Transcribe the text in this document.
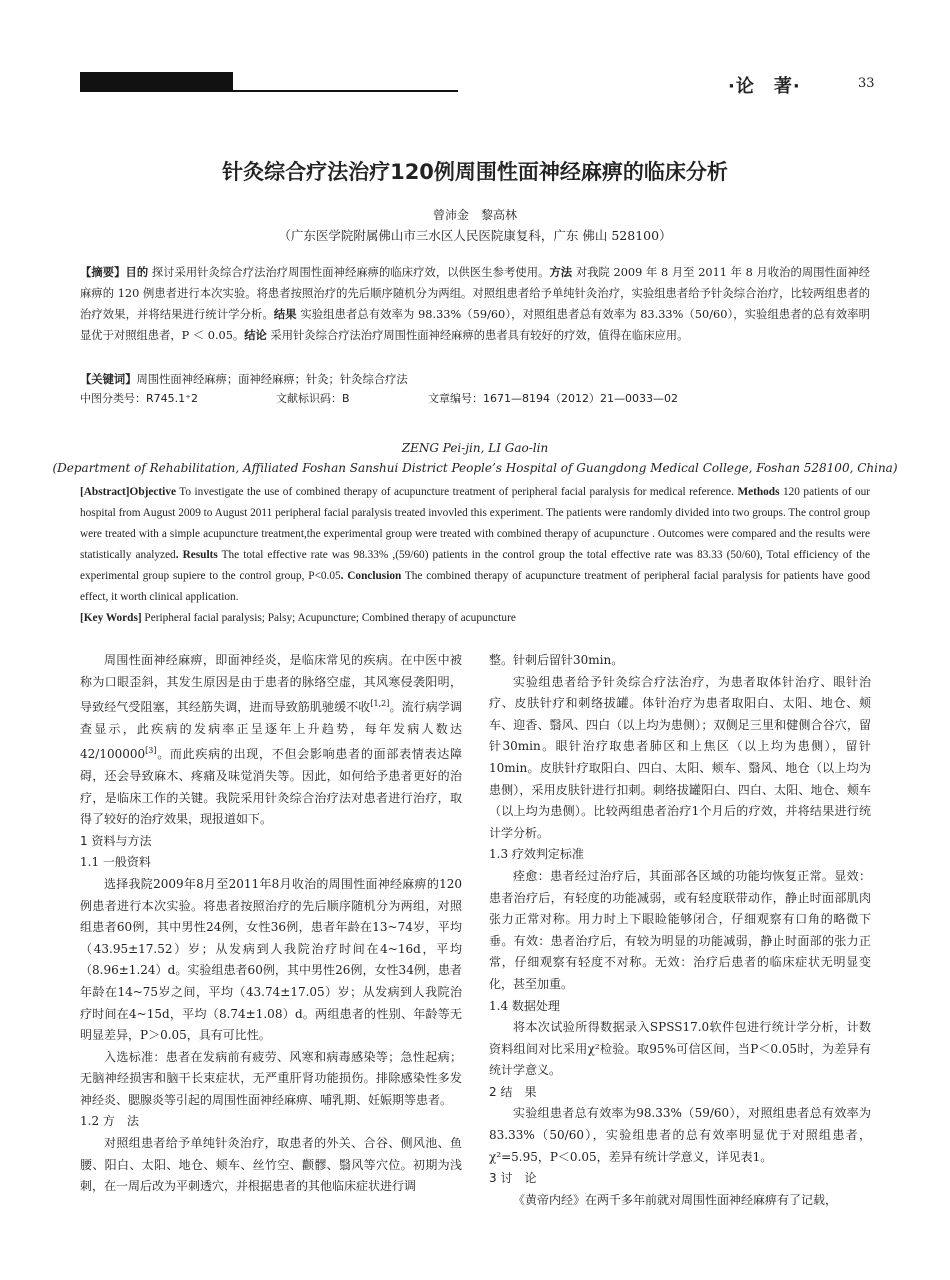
·论　著·	33
针灸综合疗法治疗120例周围性面神经麻痹的临床分析
曾沛金　黎高林
（广东医学院附属佛山市三水区人民医院康复科，广东 佛山 528100）
【摘要】目的 探讨采用针灸综合疗法治疗周围性面神经麻痹的临床疗效，以供医生参考使用。方法 对我院 2009 年 8 月至 2011 年 8 月收治的周围性面神经麻痹的 120 例患者进行本次实验。将患者按照治疗的先后顺序随机分为两组。对照组患者给予单纯针灸治疗，实验组患者给予针灸综合治疗，比较两组患者的治疗效果，并将结果进行统计学分析。结果 实验组患者总有效率为 98.33%（59/60），对照组患者总有效率为 83.33%（50/60），实验组患者的总有效率明显优于对照组患者，P ＜ 0.05。结论 采用针灸综合疗法治疗周围性面神经麻痹的患者具有较好的疗效，值得在临床应用。
【关键词】周围性面神经麻痹；面神经麻痹；针灸；针灸综合疗法
中图分类号：R745.1⁺2	文献标识码：B	文章编号：1671—8194（2012）21—0033—02
ZENG Pei-jin, LI Gao-lin
(Department of Rehabilitation, Affiliated Foshan Sanshui District People’s Hospital of Guangdong Medical College, Foshan 528100, China)
[Abstract]Objective To investigate the use of combined therapy of acupuncture treatment of peripheral facial paralysis for medical reference. Methods 120 patients of our hospital from August 2009 to August 2011 peripheral facial paralysis treated invovled this experiment. The patients were randomly divided into two groups. The control group were treated with a simple acupuncture treatment,the experimental group were treated with combined therapy of acupuncture . Outcomes were compared and the results were statistically analyzed. Results The total effective rate was 98.33% ,(59/60) patients in the control group the total effective rate was 83.33 (50/60), Total efficiency of the experimental group supiere to the control group, P<0.05. Conclusion The combined therapy of acupuncture treatment of peripheral facial paralysis for patients have good effect, it worth clinical application.
[Key Words] Peripheral facial paralysis; Palsy; Acupuncture; Combined therapy of acupuncture

周围性面神经麻痹，即面神经炎，是临床常见的疾病。在中医中被称为口眼歪斜，其发生原因是由于患者的脉络空虚，其风寒侵袭阳明，导致经气受阻塞，其经筋失调，进而导致筋肌驰缓不收[1,2]。流行病学调查显示，此疾病的发病率正呈逐年上升趋势，每年发病人数达42/100000[3]。而此疾病的出现，不但会影响患者的面部表情表达障碍，还会导致麻木、疼痛及味觉消失等。因此，如何给予患者更好的治疗，是临床工作的关键。我院采用针灸综合治疗法对患者进行治疗，取得了较好的治疗效果，现报道如下。

1 资料与方法
1.1 一般资料

选择我院2009年8月至2011年8月收治的周围性面神经麻痹的120例患者进行本次实验。将患者按照治疗的先后顺序随机分为两组，对照组患者60例，其中男性24例，女性36例，患者年龄在13~74岁，平均（43.95±17.52）岁；从发病到人我院治疗时间在4~16d，平均（8.96±1.24）d。实验组患者60例，其中男性26例，女性34例，患者年龄在14~75岁之间，平均（43.74±17.05）岁；从发病到人我院治疗时间在4~15d，平均（8.74±1.08）d。两组患者的性别、年龄等无明显差异，P＞0.05，具有可比性。

入选标准：患者在发病前有疲劳、风寒和病毒感染等；急性起病；无脑神经损害和脑干长束症状，无严重肝肾功能损伤。排除感染性多发神经炎、腮腺炎等引起的周围性面神经麻痹、哺乳期、妊娠期等患者。

1.2 方　法

对照组患者给予单纯针灸治疗，取患者的外关、合谷、侧风池、鱼腰、阳白、太阳、地仓、颊车、丝竹空、颧髎、翳风等穴位。初期为浅刺，在一周后改为平刺透穴，并根据患者的其他临床症状进行调

整。针刺后留针30min。

实验组患者给予针灸综合疗法治疗，为患者取体针治疗、眼针治疗、皮肤针疗和刺络拔罐。体针治疗为患者取阳白、太阳、地仓、颊车、迎香、翳风、四白（以上均为患侧）；双侧足三里和健侧合谷穴，留针30min。眼针治疗取患者肺区和上焦区（以上均为患侧），留针10min。皮肤针疗取阳白、四白、太阳、颊车、翳风、地仓（以上均为患侧），采用皮肤针进行扣刺。刺络拔罐阳白、四白、太阳、地仓、颊车（以上均为患侧）。比较两组患者治疗1个月后的疗效，并将结果进行统计学分析。

1.3 疗效判定标准

痊愈：患者经过治疗后，其面部各区域的功能均恢复正常。显效：患者治疗后，有轻度的功能减弱，或有轻度联带动作，静止时面部肌肉张力正常对称。用力时上下眼睑能够闭合，仔细观察有口角的略微下垂。有效：患者治疗后，有较为明显的功能减弱，静止时面部的张力正常，仔细观察有轻度不对称。无效：治疗后患者的临床症状无明显变化，甚至加重。

1.4 数据处理

将本次试验所得数据录入SPSS17.0软件包进行统计学分析，计数资料组间对比采用χ²检验。取95%可信区间，当P＜0.05时，为差异有统计学意义。

2 结　果

实验组患者总有效率为98.33%（59/60），对照组患者总有效率为83.33%（50/60），实验组患者的总有效率明显优于对照组患者，χ²=5.95，P＜0.05，差异有统计学意义，详见表1。

3 讨　论

《黄帝内经》在两千多年前就对周围性面神经麻痹有了记载，
